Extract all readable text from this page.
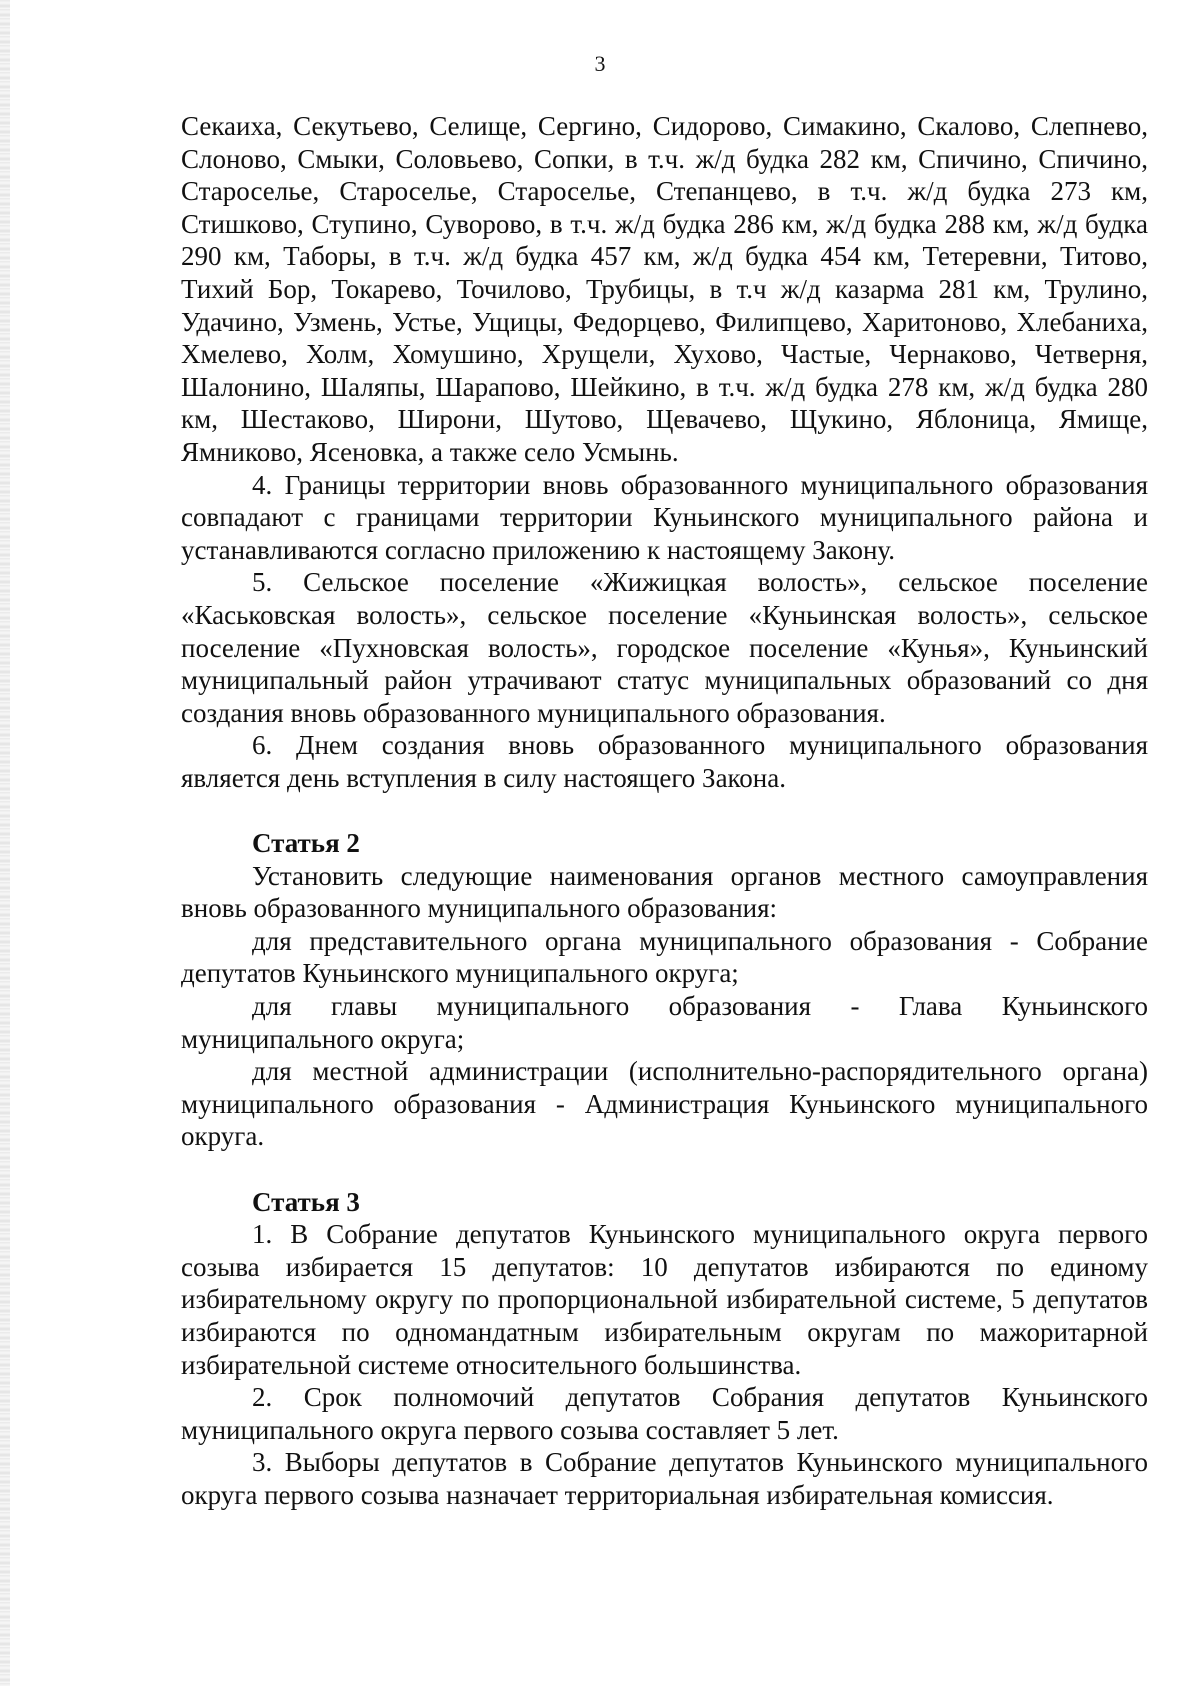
3

Секаиха, Секутьево, Селище, Сергино, Сидорово, Симакино, Скалово, Слепнево, Слоново, Смыки, Соловьево, Сопки, в т.ч. ж/д будка 282 км, Спичино, Спичино, Староселье, Староселье, Староселье, Степанцево, в т.ч. ж/д будка 273 км, Стишково, Ступино, Суворово, в т.ч. ж/д будка 286 км, ж/д будка 288 км, ж/д будка 290 км, Таборы, в т.ч. ж/д будка 457 км, ж/д будка 454 км, Тетеревни, Титово, Тихий Бор, Токарево, Точилово, Трубицы, в т.ч ж/д казарма 281 км, Трулино, Удачино, Узмень, Устье, Ущицы, Федорцево, Филипцево, Харитоново, Хлебаниха, Хмелево, Холм, Хомушино, Хрущели, Хухово, Частые, Чернаково, Четверня, Шалонино, Шаляпы, Шарапово, Шейкино, в т.ч. ж/д будка 278 км, ж/д будка 280 км, Шестаково, Широни, Шутово, Щевачево, Щукино, Яблоница, Ямище, Ямниково, Ясеновка, а также село Усмынь.

4. Границы территории вновь образованного муниципального образования совпадают с границами территории Куньинского муниципального района и устанавливаются согласно приложению к настоящему Закону.

5. Сельское поселение «Жижицкая волость», сельское поселение «Каськовская волость», сельское поселение «Куньинская волость», сельское поселение «Пухновская волость», городское поселение «Кунья», Куньинский муниципальный район утрачивают статус муниципальных образований со дня создания вновь образованного муниципального образования.

6. Днем создания вновь образованного муниципального образования является день вступления в силу настоящего Закона.

Статья 2

Установить следующие наименования органов местного самоуправления вновь образованного муниципального образования:

для представительного органа муниципального образования - Собрание депутатов Куньинского муниципального округа;

для главы муниципального образования - Глава Куньинского муниципального округа;

для местной администрации (исполнительно-распорядительного органа) муниципального образования - Администрация Куньинского муниципального округа.

Статья 3

1. В Собрание депутатов Куньинского муниципального округа первого созыва избирается 15 депутатов: 10 депутатов избираются по единому избирательному округу по пропорциональной избирательной системе, 5 депутатов избираются по одномандатным избирательным округам по мажоритарной избирательной системе относительного большинства.

2. Срок полномочий депутатов Собрания депутатов Куньинского муниципального округа первого созыва составляет 5 лет.

3. Выборы депутатов в Собрание депутатов Куньинского муниципального округа первого созыва назначает территориальная избирательная комиссия.
